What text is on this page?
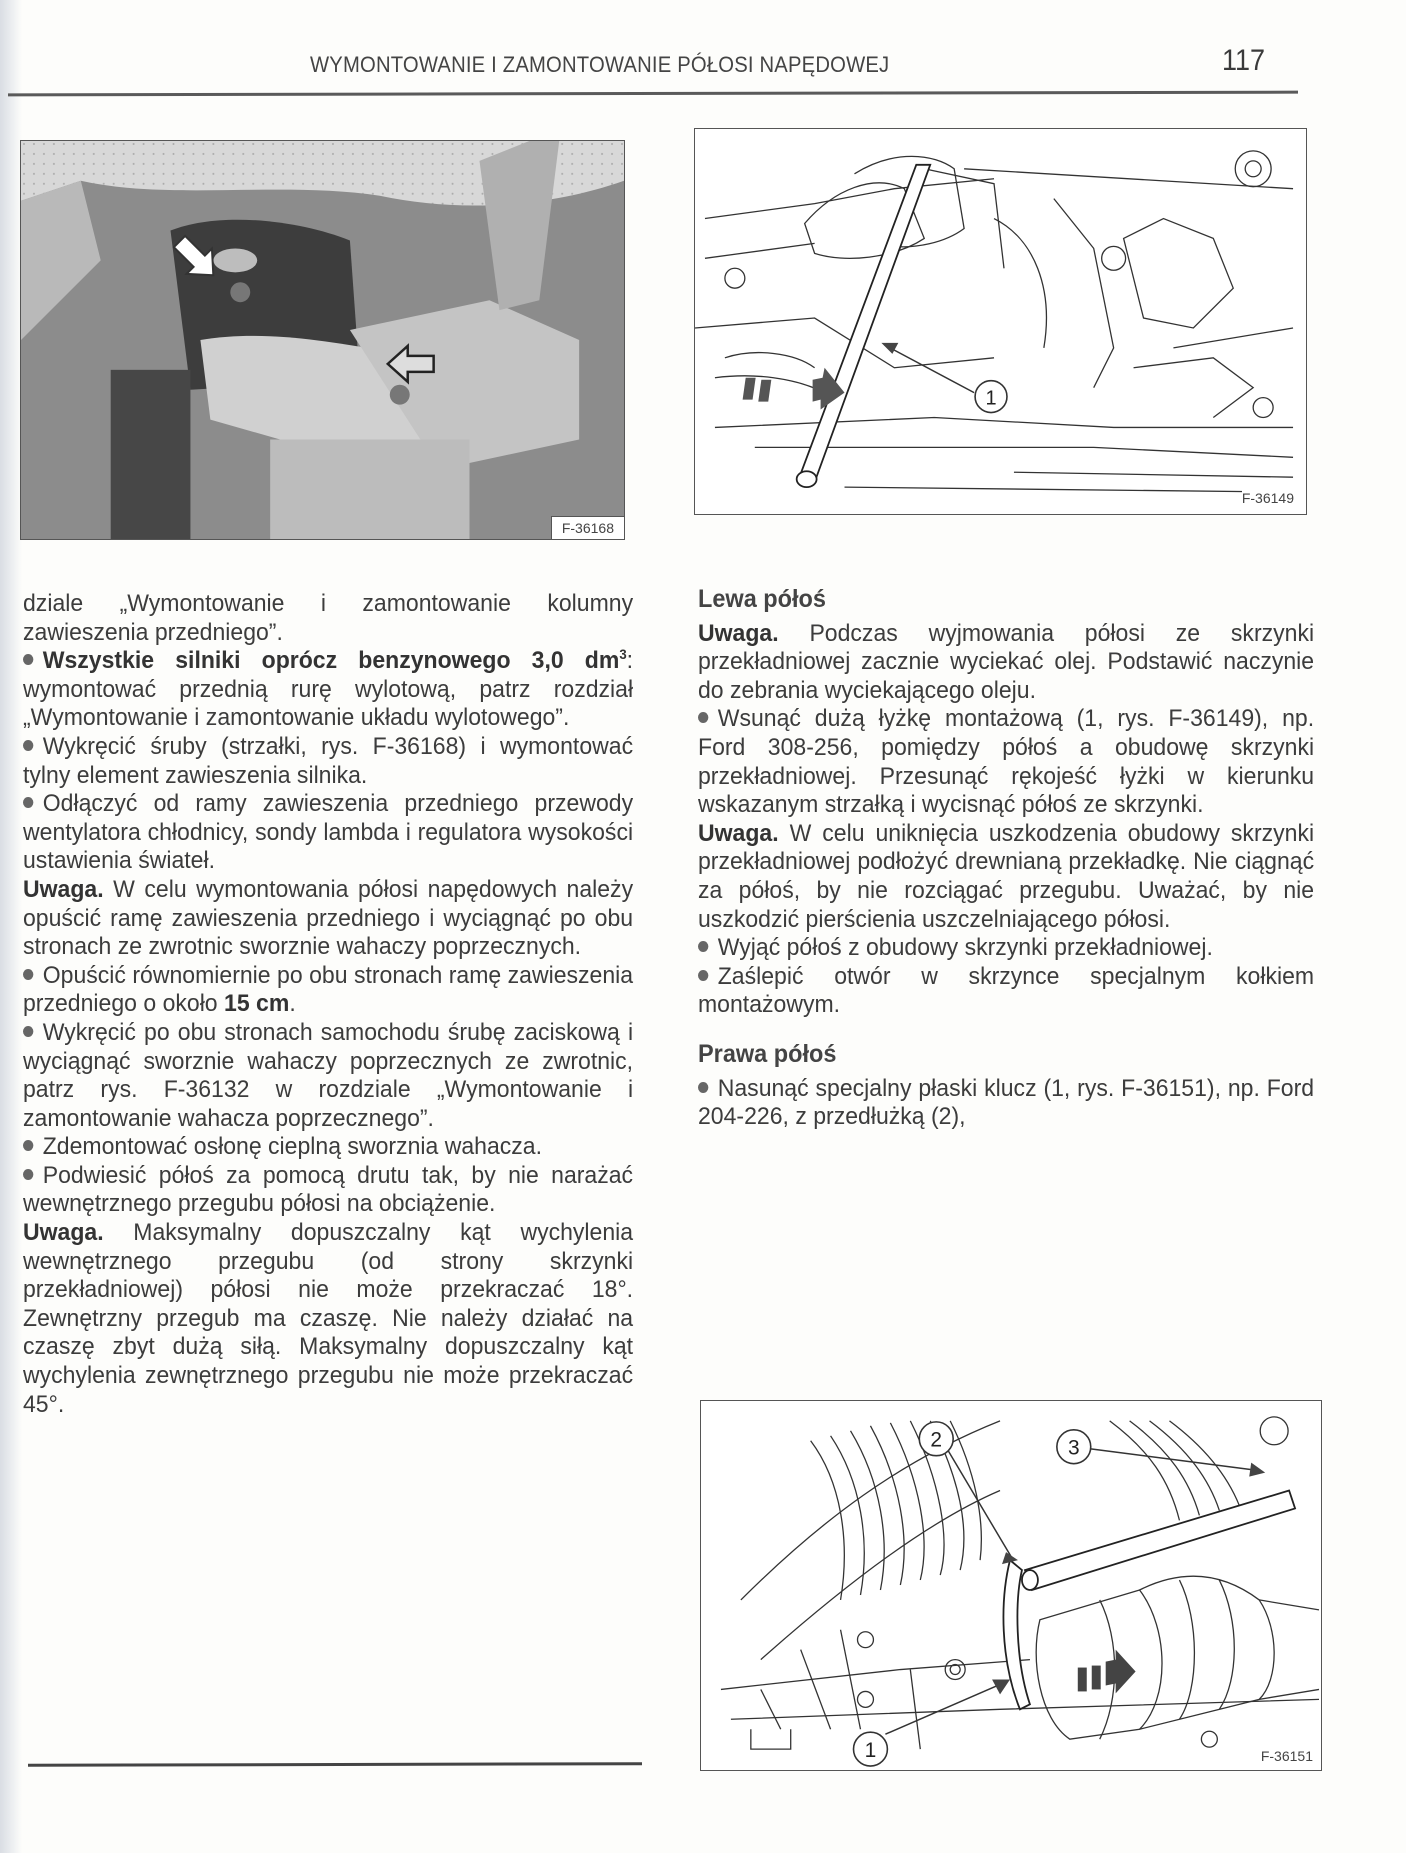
WYMONTOWANIE I ZAMONTOWANIE PÓŁOSI NAPĘDOWEJ	117
F-36168
1
F-36149

dziale „Wymontowanie i zamontowanie kolumny zawieszenia przedniego”.

Wszystkie silniki oprócz benzynowego 3,0 $dm^3$: wymontować przednią rurę wylotową, patrz rozdział „Wymontowanie i zamontowanie układu wylotowego”.

Wykręcić śruby (strzałki, rys. F-36168) i wymontować tylny element zawieszenia silnika.

Odłączyć od ramy zawieszenia przedniego przewody wentylatora chłodnicy, sondy lambda i regulatora wysokości ustawienia świateł.

Uwaga. W celu wymontowania półosi napędowych należy opuścić ramę zawieszenia przedniego i wyciągnąć po obu stronach ze zwrotnic sworznie wahaczy poprzecznych.

Opuścić równomiernie po obu stronach ramę zawieszenia przedniego o około 15 cm.

Wykręcić po obu stronach samochodu śrubę zaciskową i wyciągnąć sworznie wahaczy poprzecznych ze zwrotnic, patrz rys. F-36132 w rozdziale „Wymontowanie i zamontowanie wahacza poprzecznego”.

Zdemontować osłonę cieplną sworznia wahacza.

Podwiesić półoś za pomocą drutu tak, by nie narażać wewnętrznego przegubu półosi na obciążenie.

Uwaga. Maksymalny dopuszczalny kąt wychylenia wewnętrznego przegubu (od strony skrzynki przekładniowej) półosi nie może przekraczać 18°. Zewnętrzny przegub ma czaszę. Nie należy działać na czaszę zbyt dużą siłą. Maksymalny dopuszczalny kąt wychylenia zewnętrznego przegubu nie może przekraczać 45°.

Lewa półoś

Uwaga. Podczas wyjmowania półosi ze skrzynki przekładniowej zacznie wyciekać olej. Podstawić naczynie do zebrania wyciekającego oleju.

Wsunąć dużą łyżkę montażową (1, rys. F-36149), np. Ford 308-256, pomiędzy półoś a obudowę skrzynki przekładniowej. Przesunąć rękojeść łyżki w kierunku wskazanym strzałką i wycisnąć półoś ze skrzynki.

Uwaga. W celu uniknięcia uszkodzenia obudowy skrzynki przekładniowej podłożyć drewnianą przekładkę. Nie ciągnąć za półoś, by nie rozciągać przegubu. Uważać, by nie uszkodzić pierścienia uszczelniającego półosi.

Wyjąć półoś z obudowy skrzynki przekładniowej.

Zaślepić otwór w skrzynce specjalnym kołkiem montażowym.

Prawa półoś

Nasunąć specjalny płaski klucz (1, rys. F-36151), np. Ford 204-226, z przedłużką (2),

1
2	3
F-36151
